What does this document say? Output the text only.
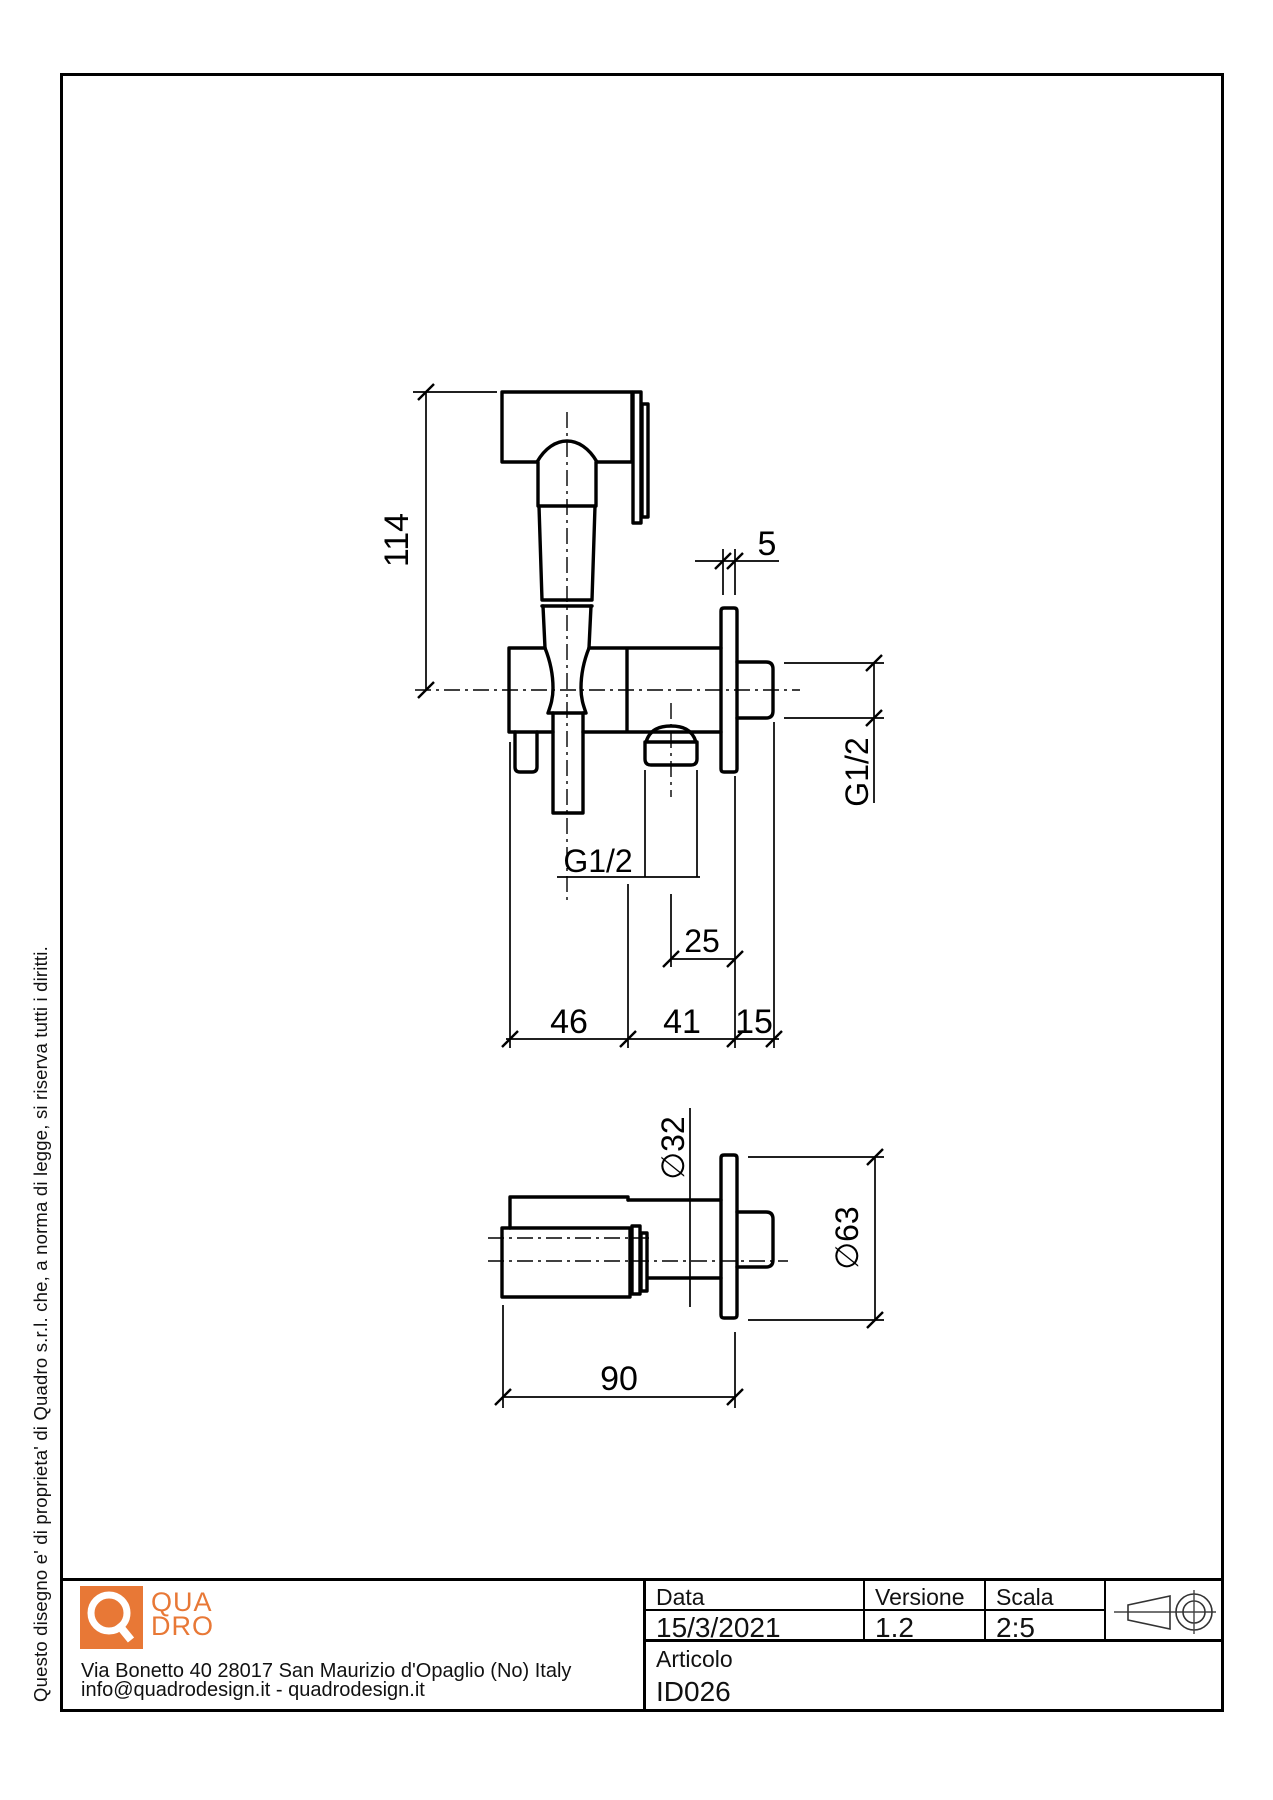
Questo disegno e' di proprieta' di Quadro s.r.l. che, a norma di legge, si riserva tutti i diritti.
114	5
G1/2
G1/2
25
46 41 15
∅32
∅63
90
QUA
DRO
Via Bonetto 40 28017 San Maurizio d'Opaglio (No) Italy
info@quadrodesign.it - quadrodesign.it
Data
15/3/2021
Versione
1.2
Scala
2:5
Articolo
ID026
